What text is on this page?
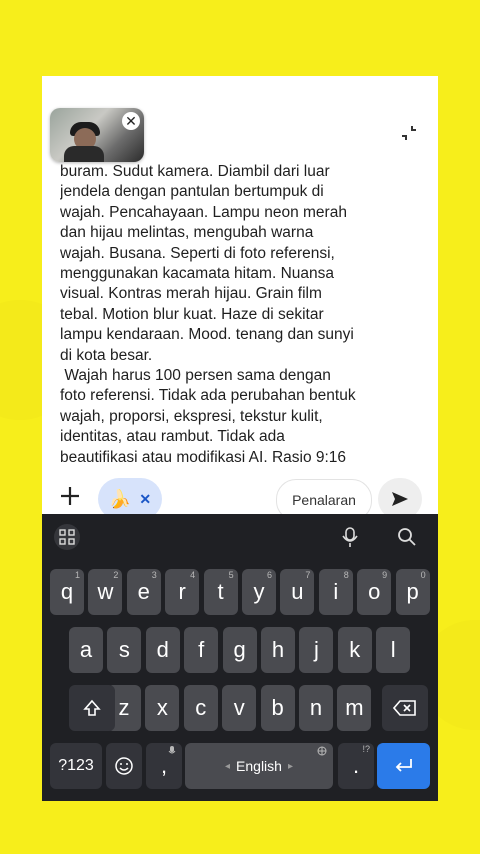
✕

buram. Sudut kamera. Diambil dari luar
jendela dengan pantulan bertumpuk di
wajah. Pencahayaan. Lampu neon merah
dan hijau melintas, mengubah warna
wajah. Busana. Seperti di foto referensi,
menggunakan kacamata hitam. Nuansa
visual. Kontras merah hijau. Grain film
tebal. Motion blur kuat. Haze di sekitar
lampu kendaraan. Mood. tenang dan sunyi
di kota besar.
Wajah harus 100 persen sama dengan
foto referensi. Tidak ada perubahan bentuk
wajah, proporsi, ekspresi, tekstur kulit,
identitas, atau rambut. Tidak ada
beautifikasi atau modifikasi AI. Rasio 9:16

🍌 ✕	Penalaran
q
1
w
2
e
3
r
4
t
5
y
6
u
7
i
8
o
9
p
0
a s d f g h j k l
z x c v b n m
?123	,	◂ English ▸	.
!?
